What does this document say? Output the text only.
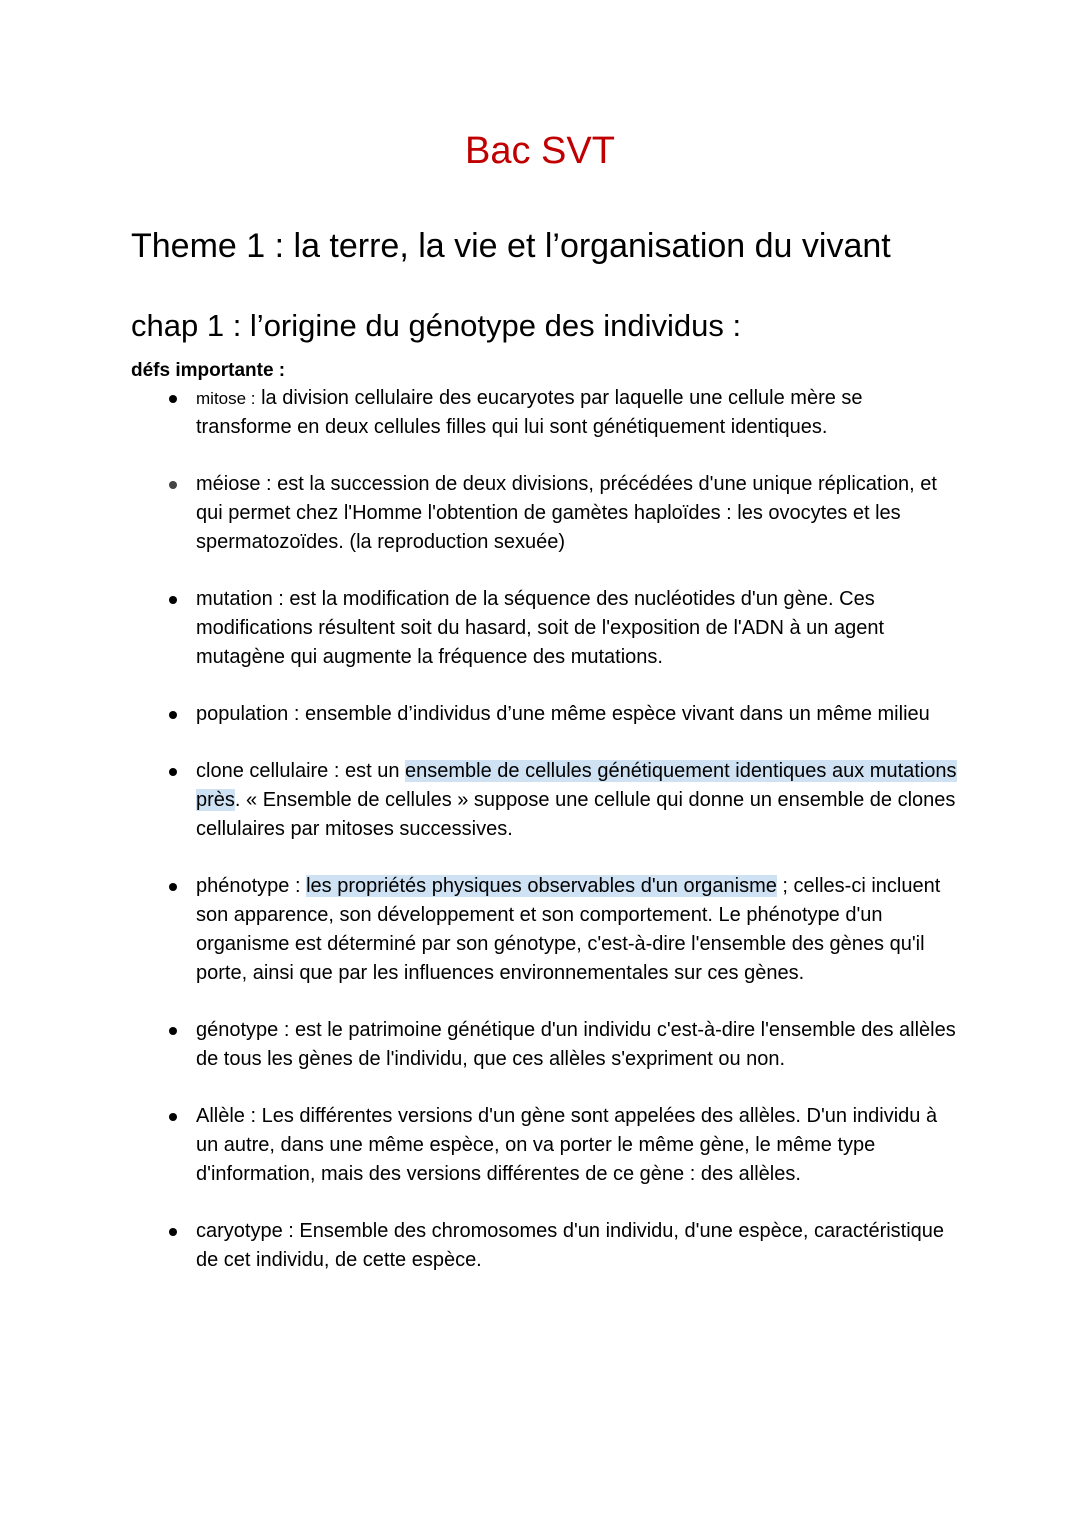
Bac SVT
Theme 1 : la terre, la vie et l’organisation du vivant
chap 1 : l’origine du génotype des individus :
défs importante :
mitose : la division cellulaire des eucaryotes par laquelle une cellule mère se transforme en deux cellules filles qui lui sont génétiquement identiques.
méiose : est la succession de deux divisions, précédées d'une unique réplication, et qui permet chez l'Homme l'obtention de gamètes haploïdes : les ovocytes et les spermatozoïdes. (la reproduction sexuée)
mutation : est la modification de la séquence des nucléotides d'un gène. Ces modifications résultent soit du hasard, soit de l'exposition de l'ADN à un agent mutagène qui augmente la fréquence des mutations.
population : ensemble d’individus d’une même espèce vivant dans un même milieu
clone cellulaire : est un ensemble de cellules génétiquement identiques aux mutations près. « Ensemble de cellules » suppose une cellule qui donne un ensemble de clones cellulaires par mitoses successives.
phénotype : les propriétés physiques observables d'un organisme ; celles-ci incluent son apparence, son développement et son comportement. Le phénotype d'un organisme est déterminé par son génotype, c'est-à-dire l'ensemble des gènes qu'il porte, ainsi que par les influences environnementales sur ces gènes.
génotype : est le patrimoine génétique d'un individu c'est-à-dire l'ensemble des allèles de tous les gènes de l'individu, que ces allèles s'expriment ou non.
Allèle : Les différentes versions d'un gène sont appelées des allèles. D'un individu à un autre, dans une même espèce, on va porter le même gène, le même type d'information, mais des versions différentes de ce gène : des allèles.
caryotype : Ensemble des chromosomes d'un individu, d'une espèce, caractéristique de cet individu, de cette espèce.
